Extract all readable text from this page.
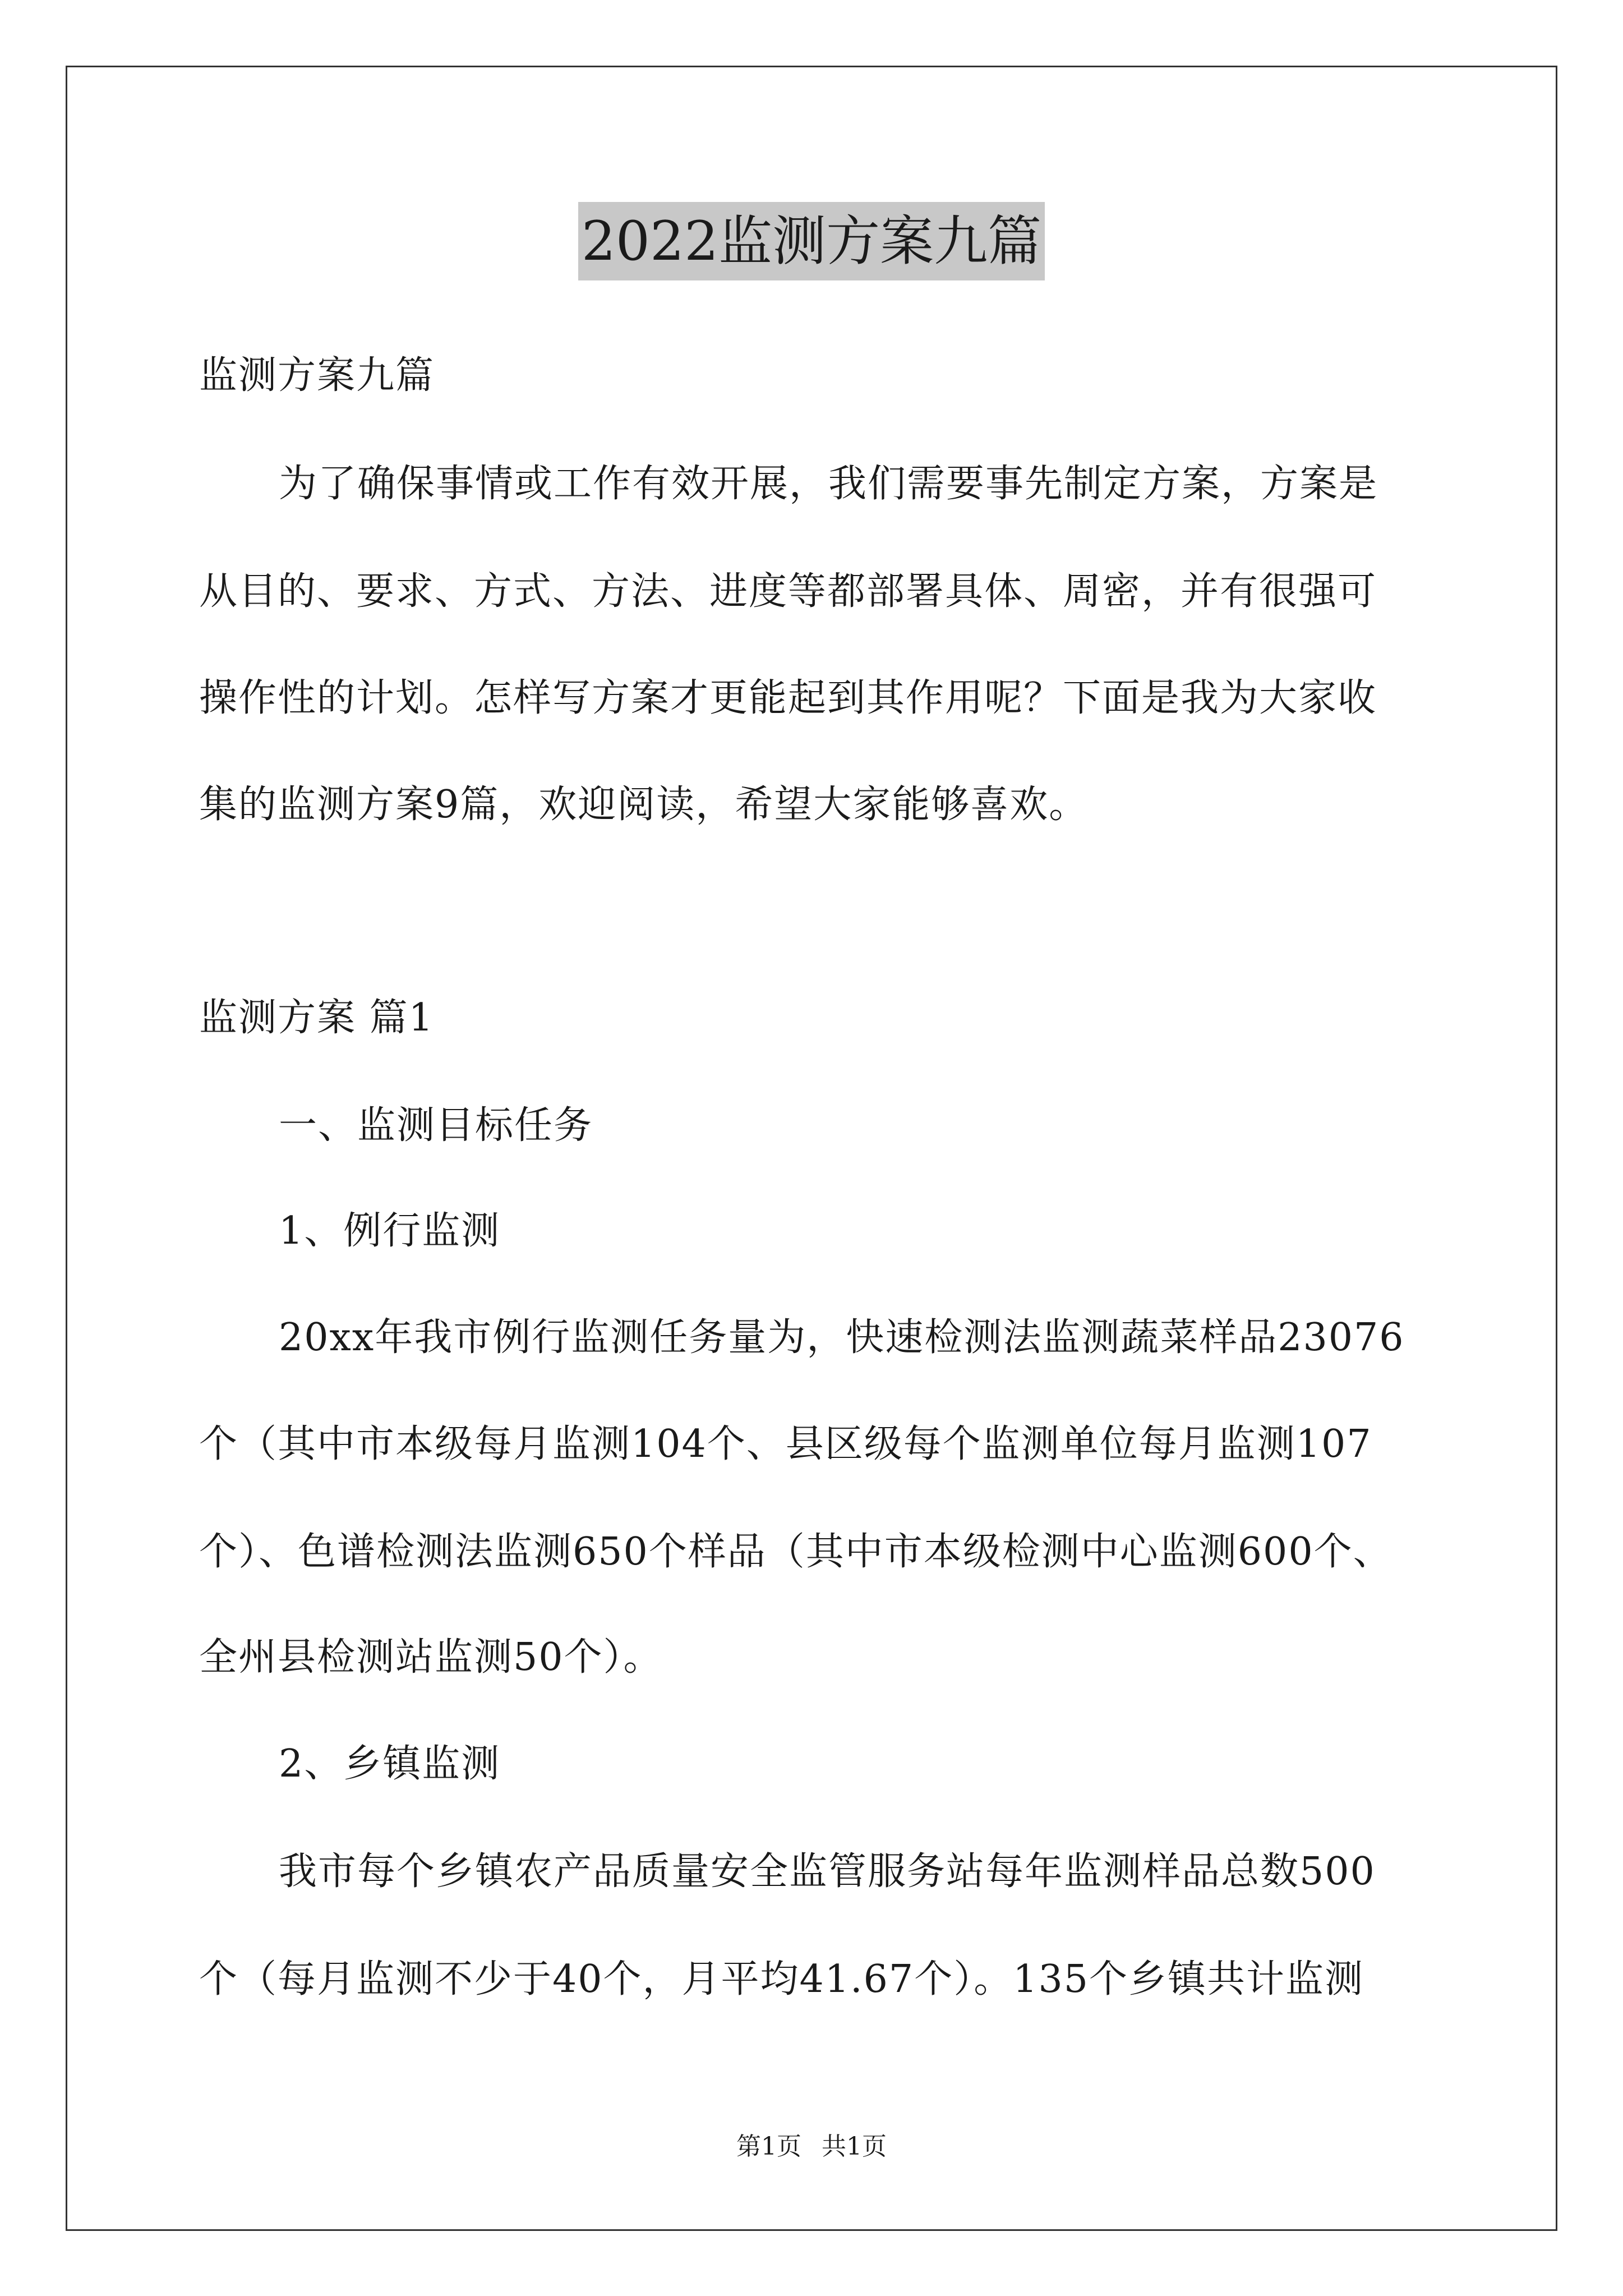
2022监测方案九篇
监测方案九篇
为了确保事情或工作有效开展，我们需要事先制定方案，方案是
从目的、要求、方式、方法、进度等都部署具体、周密，并有很强可
操作性的计划。怎样写方案才更能起到其作用呢？下面是我为大家收
集的监测方案9篇，欢迎阅读，希望大家能够喜欢。
监测方案 篇1
一、监测目标任务
1、例行监测
20xx年我市例行监测任务量为，快速检测法监测蔬菜样品23076
个（其中市本级每月监测104个、县区级每个监测单位每月监测107
个）、色谱检测法监测650个样品（其中市本级检测中心监测600个、
全州县检测站监测50个）。
2、乡镇监测
我市每个乡镇农产品质量安全监管服务站每年监测样品总数500
个（每月监测不少于40个，月平均41.67个）。135个乡镇共计监测
第1页 共1页
